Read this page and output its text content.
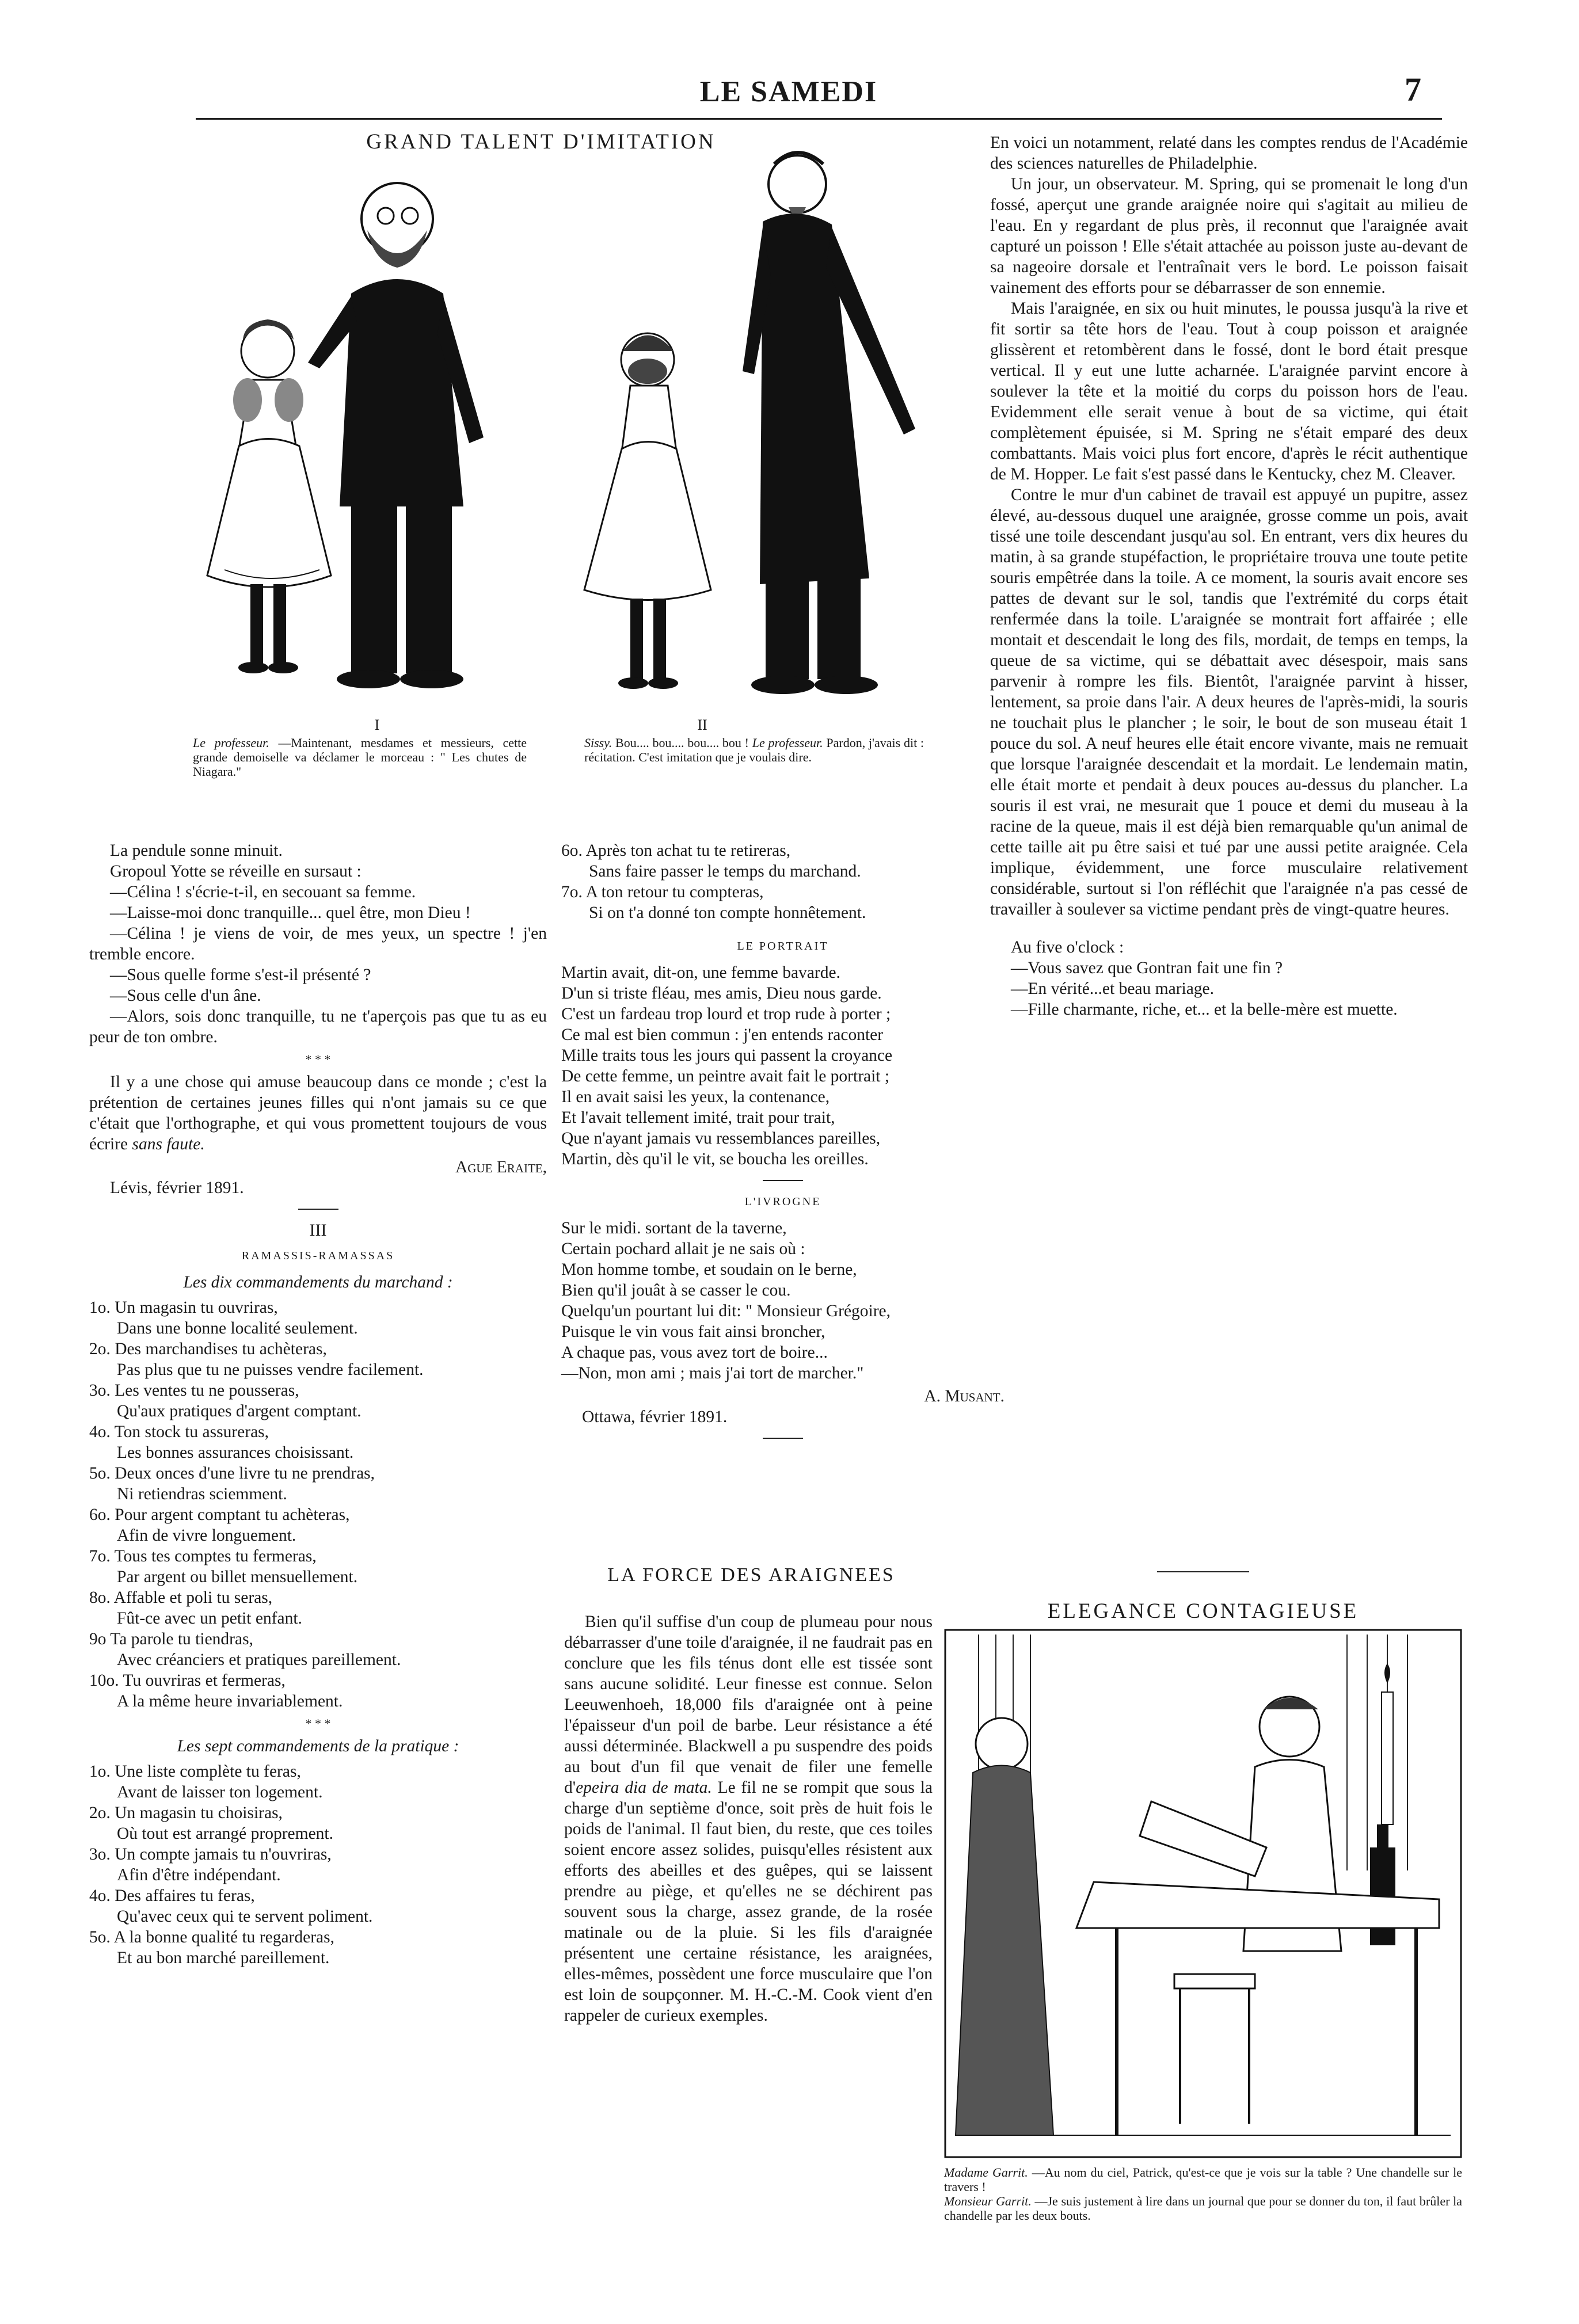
LE SAMEDI	7
GRAND TALENT D'IMITATION
I
Le professeur. —Maintenant, mesdames et messieurs, cette grande demoiselle va déclamer le morceau : " Les chutes de Niagara."
II
Sissy. Bou.... bou.... bou.... bou ! Le professeur. Pardon, j'avais dit : récitation. C'est imitation que je voulais dire.

La pendule sonne minuit.

Gropoul Yotte se réveille en sursaut :

—Célina ! s'écrie-t-il, en secouant sa femme.

—Laisse-moi donc tranquille... quel être, mon Dieu !

—Célina ! je viens de voir, de mes yeux, un spectre ! j'en tremble encore.

—Sous quelle forme s'est-il présenté ?

—Sous celle d'un âne.

—Alors, sois donc tranquille, tu ne t'aperçois pas que tu as eu peur de ton ombre.

* * *

Il y a une chose qui amuse beaucoup dans ce monde ; c'est la prétention de certaines jeunes filles qui n'ont jamais su ce que c'était que l'orthographe, et qui vous promettent toujours de vous écrire sans faute.

Ague Eraite,

Lévis, février 1891.

III
RAMASSIS-RAMASSAS
Les dix commandements du marchand :

1o. Un magasin tu ouvriras,

Dans une bonne localité seulement.

2o. Des marchandises tu achèteras,

Pas plus que tu ne puisses vendre facilement.

3o. Les ventes tu ne pousseras,

Qu'aux pratiques d'argent comptant.

4o. Ton stock tu assureras,

Les bonnes assurances choisissant.

5o. Deux onces d'une livre tu ne prendras,

Ni retiendras sciemment.

6o. Pour argent comptant tu achèteras,

Afin de vivre longuement.

7o. Tous tes comptes tu fermeras,

Par argent ou billet mensuellement.

8o. Affable et poli tu seras,

Fût-ce avec un petit enfant.

9o Ta parole tu tiendras,

Avec créanciers et pratiques pareillement.

10o. Tu ouvriras et fermeras,

A la même heure invariablement.

* * *
Les sept commandements de la pratique :

1o. Une liste complète tu feras,

Avant de laisser ton logement.

2o. Un magasin tu choisiras,

Où tout est arrangé proprement.

3o. Un compte jamais tu n'ouvriras,

Afin d'être indépendant.

4o. Des affaires tu feras,

Qu'avec ceux qui te servent poliment.

5o. A la bonne qualité tu regarderas,

Et au bon marché pareillement.

6o. Après ton achat tu te retireras,

Sans faire passer le temps du marchand.

7o. A ton retour tu compteras,

Si on t'a donné ton compte honnêtement.

LE PORTRAIT

Martin avait, dit-on, une femme bavarde.

D'un si triste fléau, mes amis, Dieu nous garde.

C'est un fardeau trop lourd et trop rude à porter ;

Ce mal est bien commun : j'en entends raconter

Mille traits tous les jours qui passent la croyance

De cette femme, un peintre avait fait le portrait ;

Il en avait saisi les yeux, la contenance,

Et l'avait tellement imité, trait pour trait,

Que n'ayant jamais vu ressemblances pareilles,

Martin, dès qu'il le vit, se boucha les oreilles.

L'IVROGNE

Sur le midi. sortant de la taverne,

Certain pochard allait je ne sais où :

Mon homme tombe, et soudain on le berne,

Bien qu'il jouât à se casser le cou.

Quelqu'un pourtant lui dit: " Monsieur Grégoire,

Puisque le vin vous fait ainsi broncher,

A chaque pas, vous avez tort de boire...

—Non, mon ami ; mais j'ai tort de marcher."

A. Musant.

Ottawa, février 1891.

LA FORCE DES ARAIGNEES

Bien qu'il suffise d'un coup de plumeau pour nous débarrasser d'une toile d'araignée, il ne faudrait pas en conclure que les fils ténus dont elle est tissée sont sans aucune solidité. Leur finesse est connue. Selon Leeuwenhoeh, 18,000 fils d'araignée ont à peine l'épaisseur d'un poil de barbe. Leur résistance a été aussi déterminée. Blackwell a pu suspendre des poids au bout d'un fil que venait de filer une femelle d'epeira dia de mata. Le fil ne se rompit que sous la charge d'un septième d'once, soit près de huit fois le poids de l'animal. Il faut bien, du reste, que ces toiles soient encore assez solides, puisqu'elles résistent aux efforts des abeilles et des guêpes, qui se laissent prendre au piège, et qu'elles ne se déchirent pas souvent sous la charge, assez grande, de la rosée matinale ou de la pluie. Si les fils d'araignée présentent une certaine résistance, les araignées, elles-mêmes, possèdent une force musculaire que l'on est loin de soupçonner. M. H.-C.-M. Cook vient d'en rappeler de curieux exemples.

En voici un notamment, relaté dans les comptes rendus de l'Académie des sciences naturelles de Philadelphie.

Un jour, un observateur. M. Spring, qui se promenait le long d'un fossé, aperçut une grande araignée noire qui s'agitait au milieu de l'eau. En y regardant de plus près, il reconnut que l'araignée avait capturé un poisson ! Elle s'était attachée au poisson juste au-devant de sa nageoire dorsale et l'entraînait vers le bord. Le poisson faisait vainement des efforts pour se débarrasser de son ennemie.

Mais l'araignée, en six ou huit minutes, le poussa jusqu'à la rive et fit sortir sa tête hors de l'eau. Tout à coup poisson et araignée glissèrent et retombèrent dans le fossé, dont le bord était presque vertical. Il y eut une lutte acharnée. L'araignée parvint encore à soulever la tête et la moitié du corps du poisson hors de l'eau. Evidemment elle serait venue à bout de sa victime, qui était complètement épuisée, si M. Spring ne s'était emparé des deux combattants. Mais voici plus fort encore, d'après le récit authentique de M. Hopper. Le fait s'est passé dans le Kentucky, chez M. Cleaver.

Contre le mur d'un cabinet de travail est appuyé un pupitre, assez élevé, au-dessous duquel une araignée, grosse comme un pois, avait tissé une toile descendant jusqu'au sol. En entrant, vers dix heures du matin, à sa grande stupéfaction, le propriétaire trouva une toute petite souris empêtrée dans la toile. A ce moment, la souris avait encore ses pattes de devant sur le sol, tandis que l'extrémité du corps était renfermée dans la toile. L'araignée se montrait fort affairée ; elle montait et descendait le long des fils, mordait, de temps en temps, la queue de sa victime, qui se débattait avec désespoir, mais sans parvenir à rompre les fils. Bientôt, l'araignée parvint à hisser, lentement, sa proie dans l'air. A deux heures de l'après-midi, la souris ne touchait plus le plancher ; le soir, le bout de son museau était 1 pouce du sol. A neuf heures elle était encore vivante, mais ne remuait que lorsque l'araignée descendait et la mordait. Le lendemain matin, elle était morte et pendait à deux pouces au-dessus du plancher. La souris il est vrai, ne mesurait que 1 pouce et demi du museau à la racine de la queue, mais il est déjà bien remarquable qu'un animal de cette taille ait pu être saisi et tué par une aussi petite araignée. Cela implique, évidemment, une force musculaire relativement considérable, surtout si l'on réfléchit que l'araignée n'a pas cessé de travailler à soulever sa victime pendant près de vingt-quatre heures.

Au five o'clock :

—Vous savez que Gontran fait une fin ?

—En vérité...et beau mariage.

—Fille charmante, riche, et... et la belle-mère est muette.

ELEGANCE CONTAGIEUSE
Madame Garrit. —Au nom du ciel, Patrick, qu'est-ce que je vois sur la table ? Une chandelle sur le travers !
Monsieur Garrit. —Je suis justement à lire dans un journal que pour se donner du ton, il faut brûler la chandelle par les deux bouts.
